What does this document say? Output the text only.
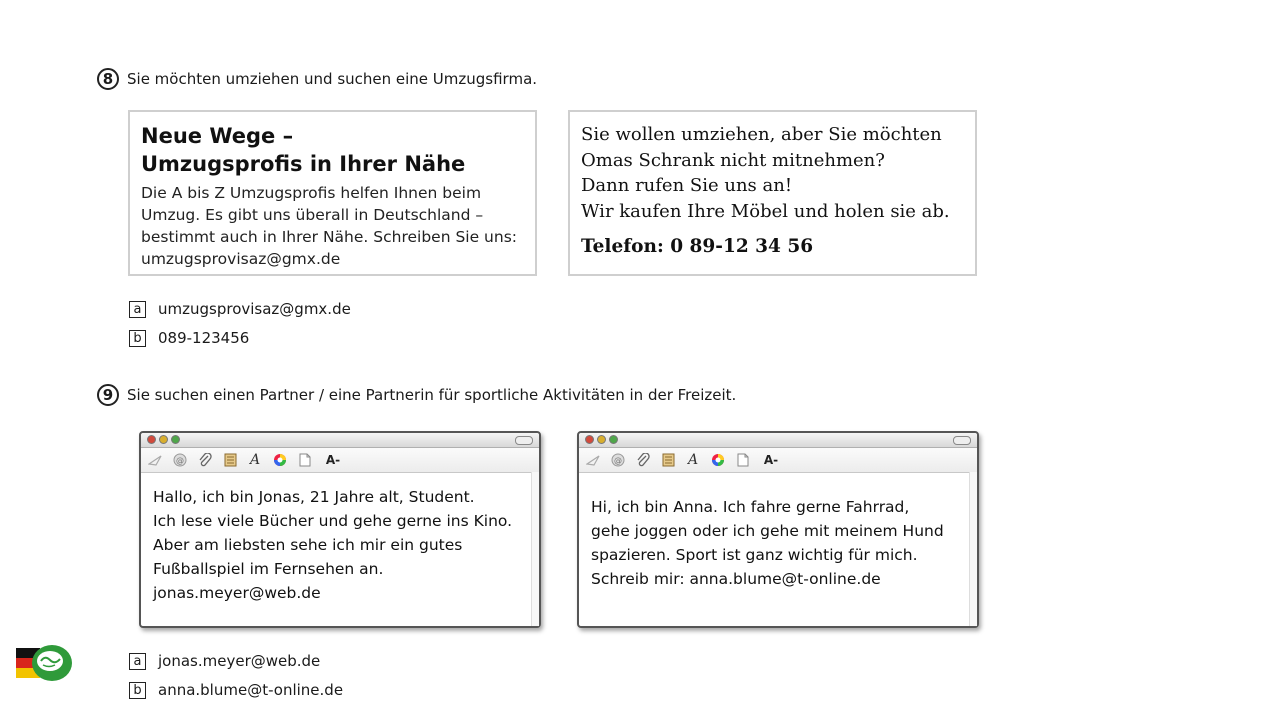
8 Sie möchten umziehen und suchen eine Umzugsfirma.
Neue Wege –
Umzugsprofis in Ihrer Nähe
Die A bis Z Umzugsprofis helfen Ihnen beim
Umzug. Es gibt uns überall in Deutschland –
bestimmt auch in Ihrer Nähe. Schreiben Sie uns:
umzugsprovisaz@gmx.de
Sie wollen umziehen, aber Sie möchten
Omas Schrank nicht mitnehmen?
Dann rufen Sie uns an!
Wir kaufen Ihre Möbel und holen sie ab.
Telefon: 0 89-12 34 56
a	umzugsprovisaz@gmx.de
b 089-123456
9 Sie suchen einen Partner / eine Partnerin für sportliche Aktivitäten in der Freizeit.
@	A	A-
Hallo, ich bin Jonas, 21 Jahre alt, Student.
Ich lese viele Bücher und gehe gerne ins Kino.
Aber am liebsten sehe ich mir ein gutes
Fußballspiel im Fernsehen an.
jonas.meyer@web.de
@	A	A-
Hi, ich bin Anna. Ich fahre gerne Fahrrad,
gehe joggen oder ich gehe mit meinem Hund
spazieren. Sport ist ganz wichtig für mich.
Schreib mir: anna.blume@t-online.de
a	jonas.meyer@web.de
b anna.blume@t-online.de
